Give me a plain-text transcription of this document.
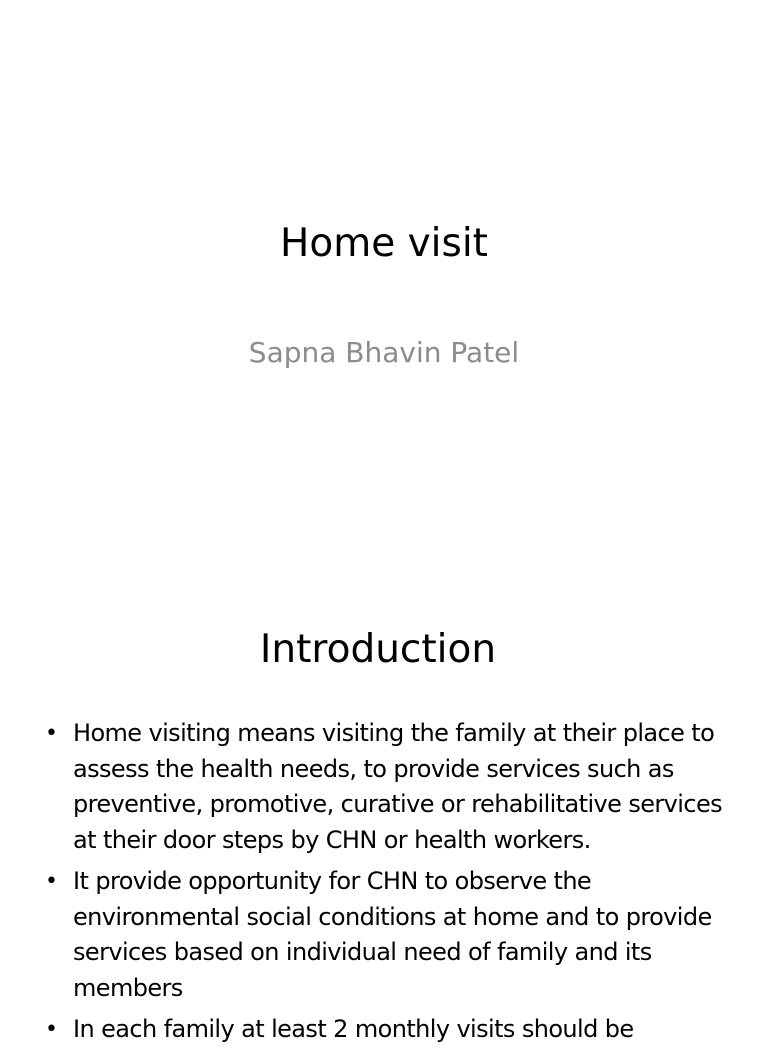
Home visit

Sapna Bhavin Patel

Introduction
• Home visiting means visiting the family at their place to assess the health needs, to provide services such as preventive, promotive, curative or rehabilitative services at their door steps by CHN or health workers.
• It provide opportunity for CHN to observe the environmental social conditions at home and to provide services based on individual need of family and its members
• In each family at least 2 monthly visits should be
